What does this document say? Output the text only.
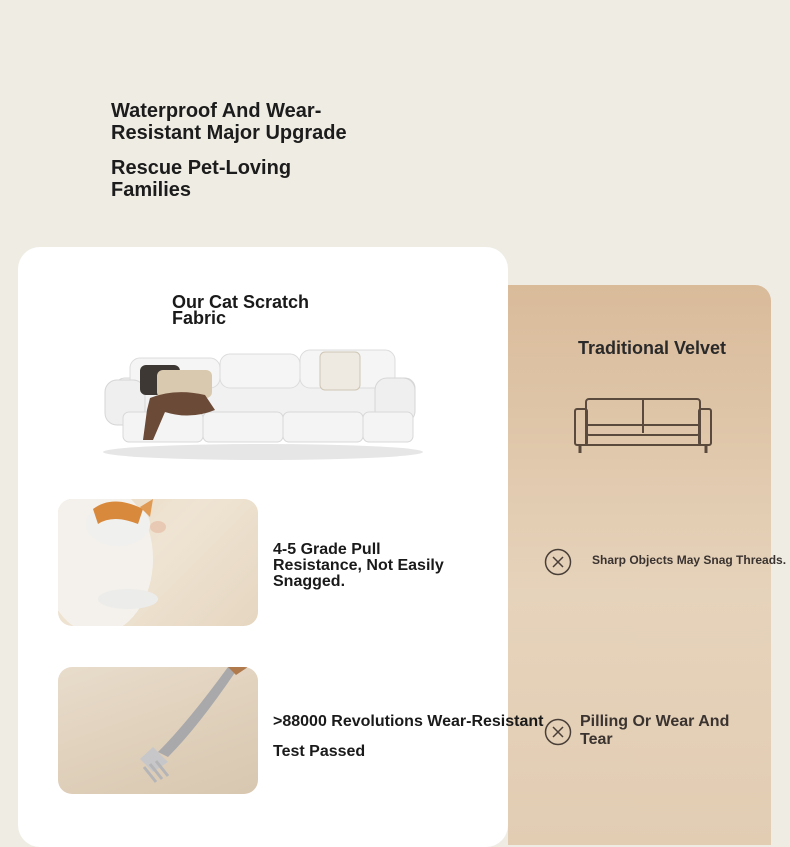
Waterproof And Wear-Resistant Major Upgrade
Rescue Pet-Loving Families
Our Cat Scratch Fabric
4-5 Grade Pull Resistance, Not Easily Snagged.
>88000 Revolutions Wear-Resistant Test Passed
Traditional Velvet
Sharp Objects May Snag Threads.
Pilling Or Wear And Tear
